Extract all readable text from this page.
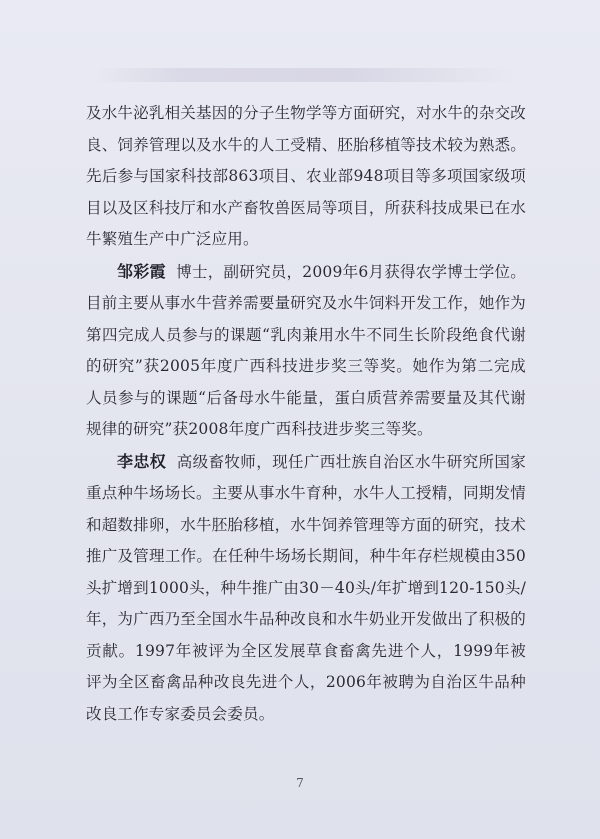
及水牛泌乳相关基因的分子生物学等方面研究，对水牛的杂交改良、饲养管理以及水牛的人工受精、胚胎移植等技术较为熟悉。先后参与国家科技部863项目、农业部948项目等多项国家级项目以及区科技厅和水产畜牧兽医局等项目，所获科技成果已在水牛繁殖生产中广泛应用。

邹彩霞 博士，副研究员，2009年6月获得农学博士学位。目前主要从事水牛营养需要量研究及水牛饲料开发工作，她作为第四完成人员参与的课题“乳肉兼用水牛不同生长阶段绝食代谢的研究”获2005年度广西科技进步奖三等奖。她作为第二完成人员参与的课题“后备母水牛能量，蛋白质营养需要量及其代谢规律的研究”获2008年度广西科技进步奖三等奖。

李忠权 高级畜牧师，现任广西壮族自治区水牛研究所国家重点种牛场场长。主要从事水牛育种，水牛人工授精，同期发情和超数排卵，水牛胚胎移植，水牛饲养管理等方面的研究，技术推广及管理工作。在任种牛场场长期间，种牛年存栏规模由350头扩增到1000头，种牛推广由30－40头/年扩增到120-150头/年，为广西乃至全国水牛品种改良和水牛奶业开发做出了积极的贡献。1997年被评为全区发展草食畜禽先进个人，1999年被评为全区畜禽品种改良先进个人，2006年被聘为自治区牛品种改良工作专家委员会委员。

7
